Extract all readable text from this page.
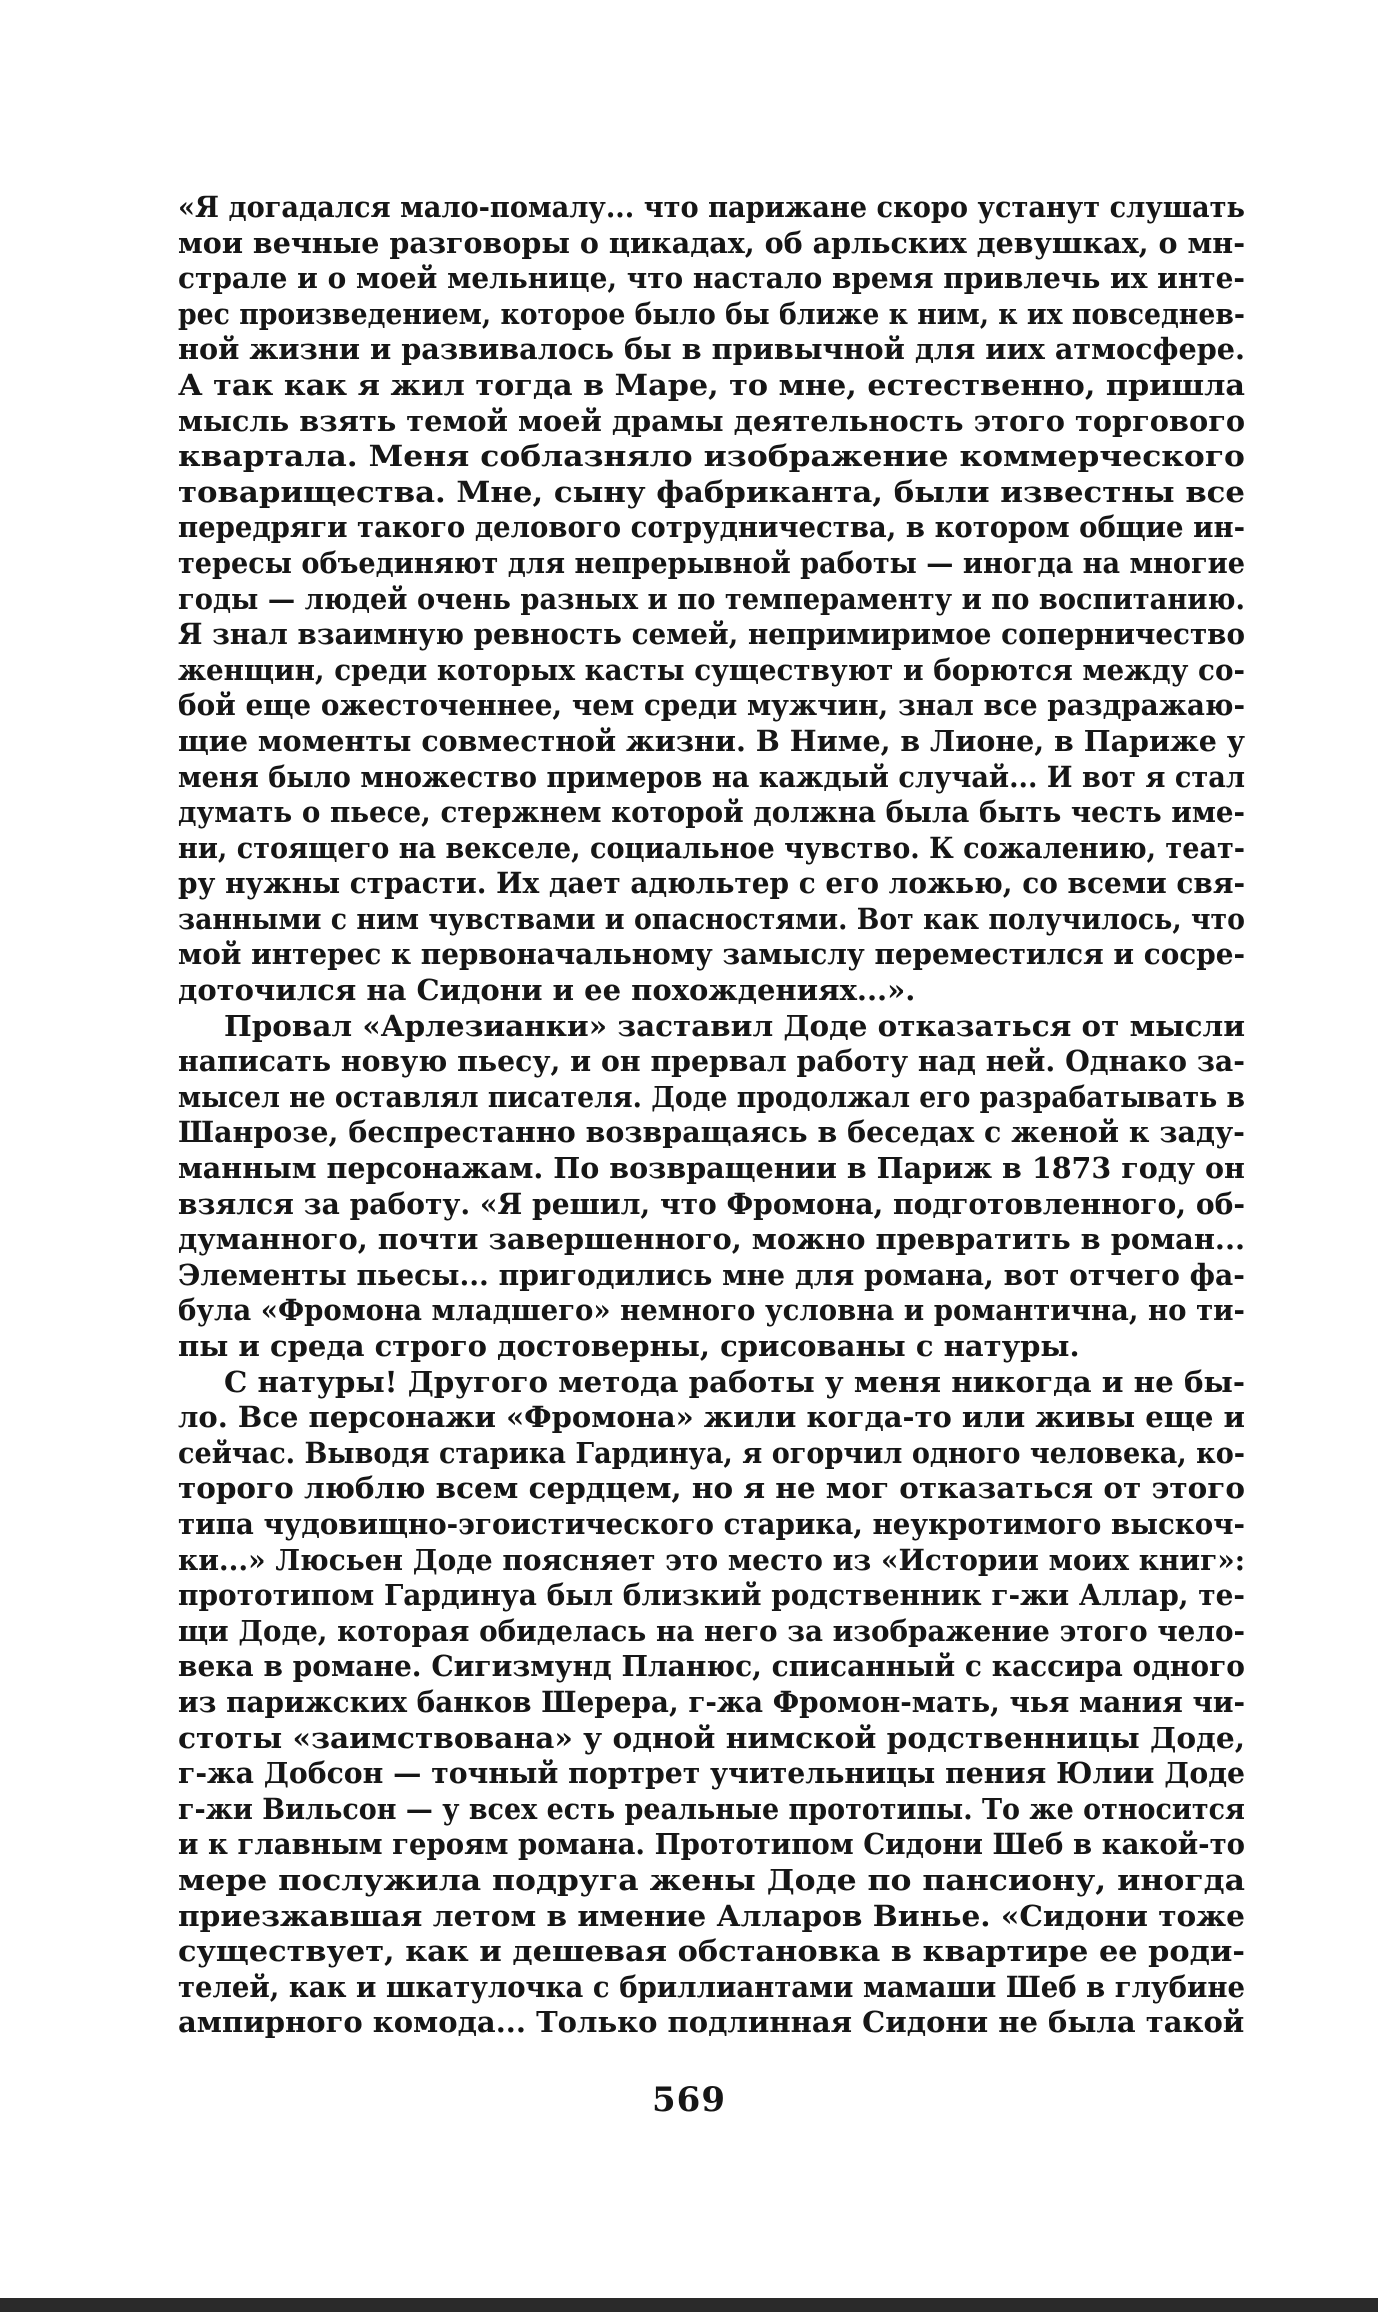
«Я догадался мало-помалу... что парижане скоро устанут слушать
мои вечные разговоры о цикадах, об арльских девушках, о мн-
страле и о моей мельнице, что настало время привлечь их инте-
рес произведением, которое было бы ближе к ним, к их повседнев-
ной жизни и развивалось бы в привычной для иих атмосфере.
А так как я жил тогда в Маре, то мне, естественно, пришла
мысль взять темой моей драмы деятельность этого торгового
квартала. Меня соблазняло изображение коммерческого
товарищества. Мне, сыну фабриканта, были известны все
передряги такого делового сотрудничества, в котором общие ин-
тересы объединяют для непрерывной работы — иногда на многие
годы — людей очень разных и по темпераменту и по воспитанию.
Я знал взаимную ревность семей, непримиримое соперничество
женщин, среди которых касты существуют и борются между со-
бой еще ожесточеннее, чем среди мужчин, знал все раздражаю-
щие моменты совместной жизни. В Ниме, в Лионе, в Париже у
меня было множество примеров на каждый случай... И вот я стал
думать о пьесе, стержнем которой должна была быть честь име-
ни, стоящего на векселе, социальное чувство. К сожалению, теат-
ру нужны страсти. Их дает адюльтер с его ложью, со всеми свя-
занными с ним чувствами и опасностями. Вот как получилось, что
мой интерес к первоначальному замыслу переместился и сосре-
доточился на Сидони и ее похождениях...».
Провал «Арлезианки» заставил Доде отказаться от мысли
написать новую пьесу, и он прервал работу над ней. Однако за-
мысел не оставлял писателя. Доде продолжал его разрабатывать в
Шанрозе, беспрестанно возвращаясь в беседах с женой к заду-
манным персонажам. По возвращении в Париж в 1873 году он
взялся за работу. «Я решил, что Фромона, подготовленного, об-
думанного, почти завершенного, можно превратить в роман...
Элементы пьесы... пригодились мне для романа, вот отчего фа-
була «Фромона младшего» немного условна и романтична, но ти-
пы и среда строго достоверны, срисованы с натуры.
С натуры! Другого метода работы у меня никогда и не бы-
ло. Все персонажи «Фромона» жили когда-то или живы еще и
сейчас. Выводя старика Гардинуа, я огорчил одного человека, ко-
торого люблю всем сердцем, но я не мог отказаться от этого
типа чудовищно-эгоистического старика, неукротимого выскоч-
ки...» Люсьен Доде поясняет это место из «Истории моих книг»:
прототипом Гардинуа был близкий родственник г-жи Аллар, те-
щи Доде, которая обиделась на него за изображение этого чело-
века в романе. Сигизмунд Планюс, списанный с кассира одного
из парижских банков Шерера, г-жа Фромон-мать, чья мания чи-
стоты «заимствована» у одной нимской родственницы Доде,
г-жа Добсон — точный портрет учительницы пения Юлии Доде
г-жи Вильсон — у всех есть реальные прототипы. То же относится
и к главным героям романа. Прототипом Сидони Шеб в какой-то
мере послужила подруга жены Доде по пансиону, иногда
приезжавшая летом в имение Алларов Винье. «Сидони тоже
существует, как и дешевая обстановка в квартире ее роди-
телей, как и шкатулочка с бриллиантами мамаши Шеб в глубине
ампирного комода... Только подлинная Сидони не была такой
569
